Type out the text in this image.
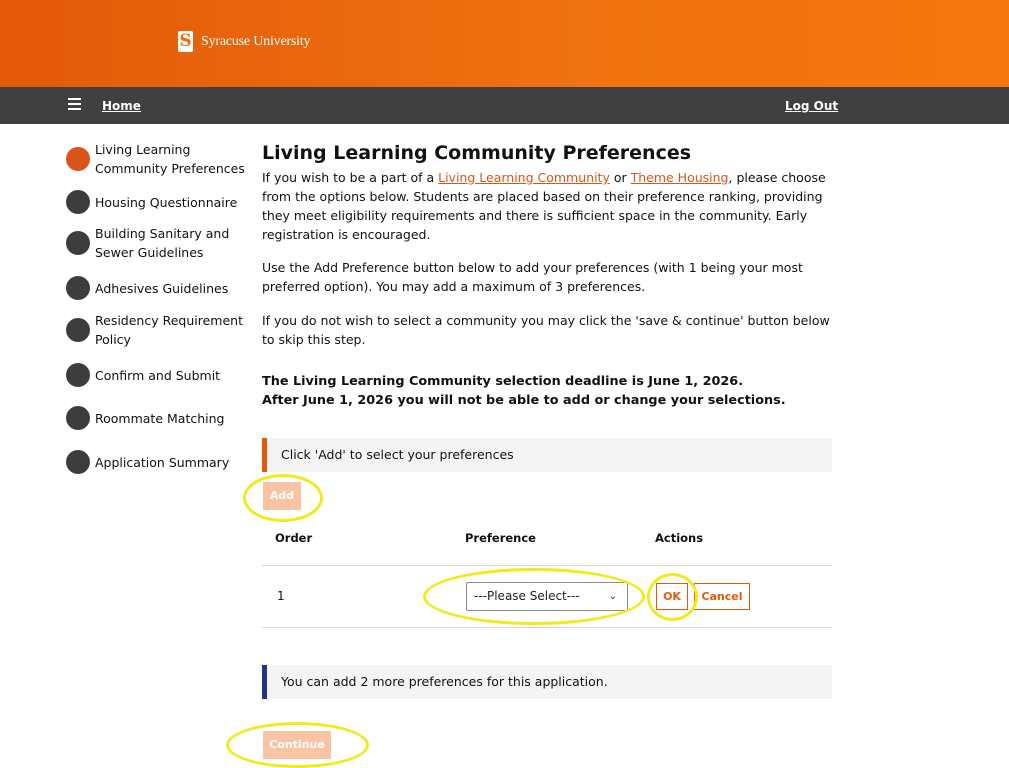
S Syracuse University
Home	Log Out
Living Learning Community Preferences
Housing Questionnaire
Building Sanitary and Sewer Guidelines
Adhesives Guidelines
Residency Requirement Policy
Confirm and Submit
Roommate Matching
Application Summary
Living Learning Community Preferences

If you wish to be a part of a Living Learning Community or Theme Housing, please choose from the options below. Students are placed based on their preference ranking, providing they meet eligibility requirements and there is sufficient space in the community. Early registration is encouraged.

Use the Add Preference button below to add your preferences (with 1 being your most preferred option). You may add a maximum of 3 preferences.

If you do not wish to select a community you may click the 'save & continue' button below to skip this step.

The Living Learning Community selection deadline is June 1, 2026.
After June 1, 2026 you will not be able to add or change your selections.

Click 'Add' to select your preferences
Add
Order	Preference	Actions
1	---Please Select---	⌄	OK	Cancel
You can add 2 more preferences for this application.
Continue
